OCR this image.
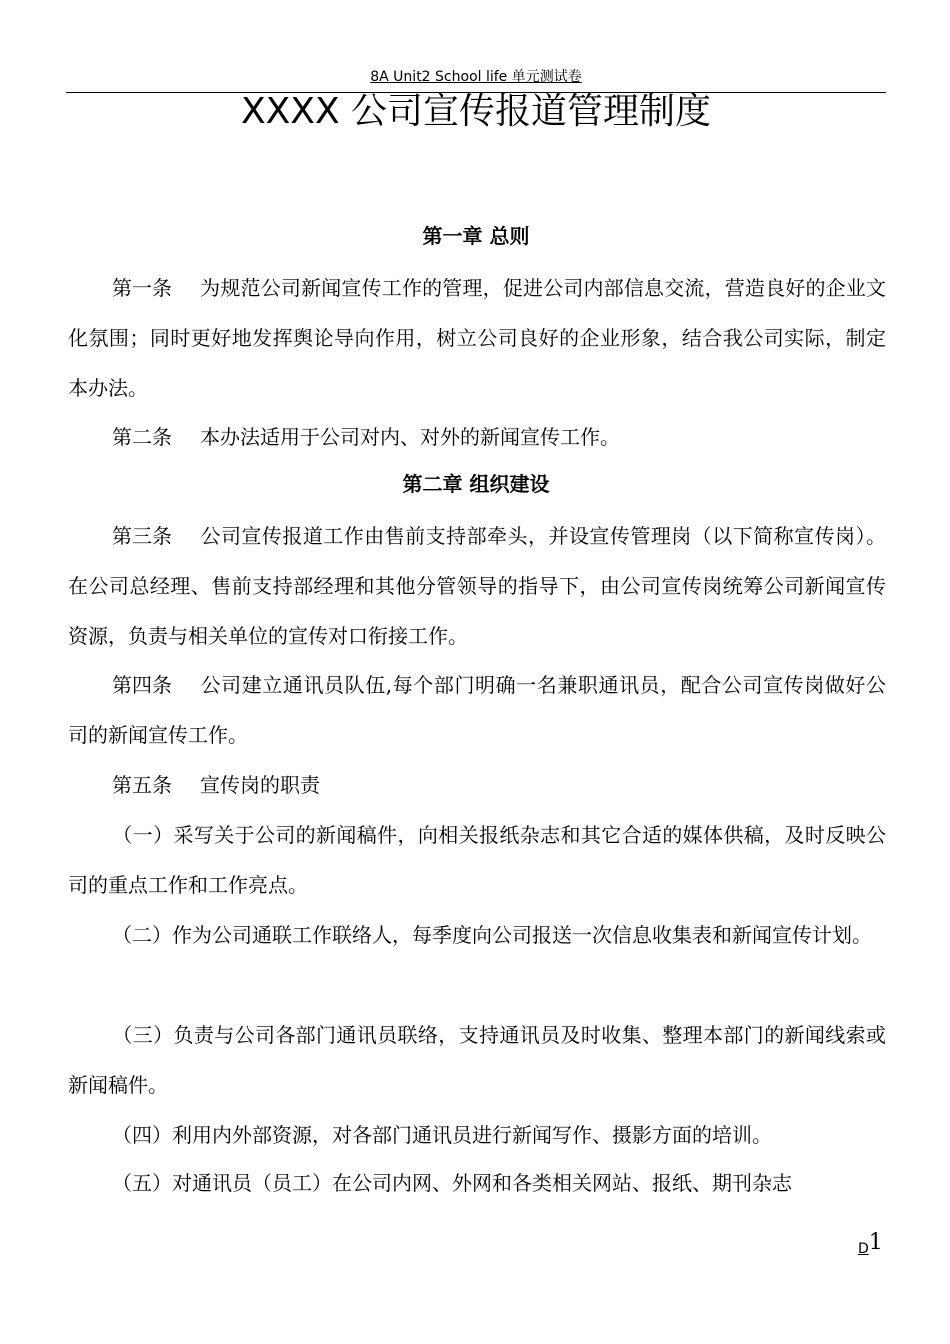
8A Unit2 School life 单元测试卷
XXXX 公司宣传报道管理制度
第一章 总则

第一条 为规范公司新闻宣传工作的管理，促进公司内部信息交流，营造良好的企业文化氛围；同时更好地发挥舆论导向作用，树立公司良好的企业形象，结合我公司实际，制定本办法。

第二条 本办法适用于公司对内、对外的新闻宣传工作。

第二章 组织建设

第三条 公司宣传报道工作由售前支持部牵头，并设宣传管理岗（以下简称宣传岗）。在公司总经理、售前支持部经理和其他分管领导的指导下，由公司宣传岗统筹公司新闻宣传资源，负责与相关单位的宣传对口衔接工作。

第四条 公司建立通讯员队伍,每个部门明确一名兼职通讯员，配合公司宣传岗做好公司的新闻宣传工作。

第五条 宣传岗的职责

（一）采写关于公司的新闻稿件，向相关报纸杂志和其它合适的媒体供稿，及时反映公司的重点工作和工作亮点。

（二）作为公司通联工作联络人，每季度向公司报送一次信息收集表和新闻宣传计划。

（三）负责与公司各部门通讯员联络，支持通讯员及时收集、整理本部门的新闻线索或新闻稿件。

（四）利用内外部资源，对各部门通讯员进行新闻写作、摄影方面的培训。

（五）对通讯员（员工）在公司内网、外网和各类相关网站、报纸、期刊杂志

D1
